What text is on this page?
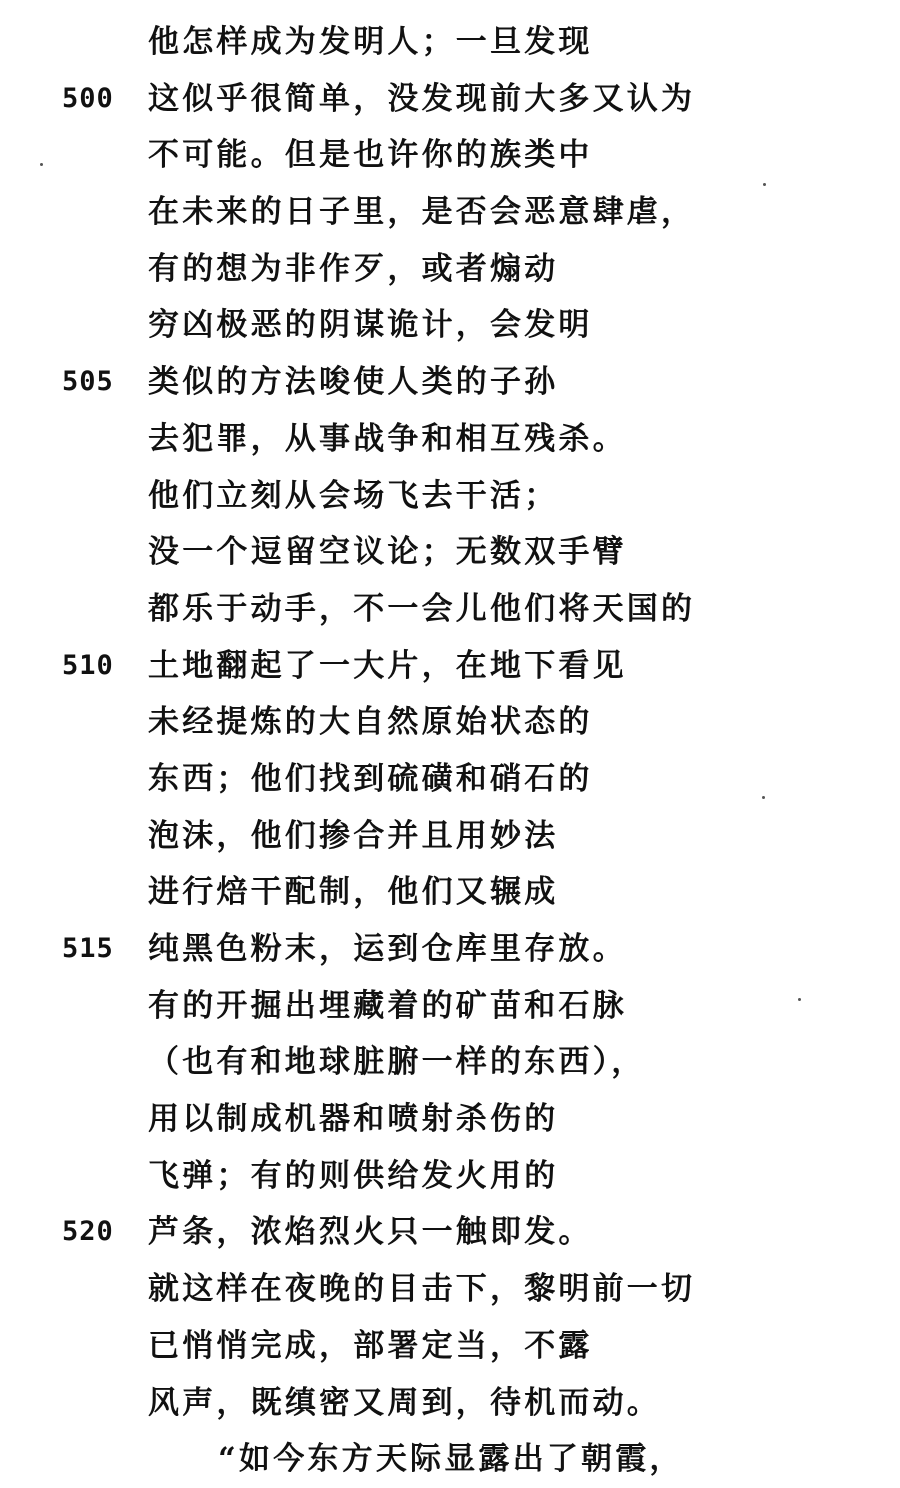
他怎样成为发明人；一旦发现
500 这似乎很简单，没发现前大多又认为
不可能。但是也许你的族类中
在未来的日子里，是否会恶意肆虐，
有的想为非作歹，或者煽动
穷凶极恶的阴谋诡计，会发明
505 类似的方法唆使人类的子孙
去犯罪，从事战争和相互残杀。
他们立刻从会场飞去干活；
没一个逗留空议论；无数双手臂
都乐于动手，不一会儿他们将天国的
510 土地翻起了一大片，在地下看见
未经提炼的大自然原始状态的
东西；他们找到硫磺和硝石的
泡沫，他们掺合并且用妙法
进行焙干配制，他们又辗成
515 纯黑色粉末，运到仓库里存放。
有的开掘出埋藏着的矿苗和石脉
（也有和地球脏腑一样的东西），
用以制成机器和喷射杀伤的
飞弹；有的则供给发火用的
520 芦条，浓焰烈火只一触即发。
就这样在夜晚的目击下，黎明前一切
已悄悄完成，部署定当，不露
风声，既缜密又周到，待机而动。
“如今东方天际显露出了朝霞，
